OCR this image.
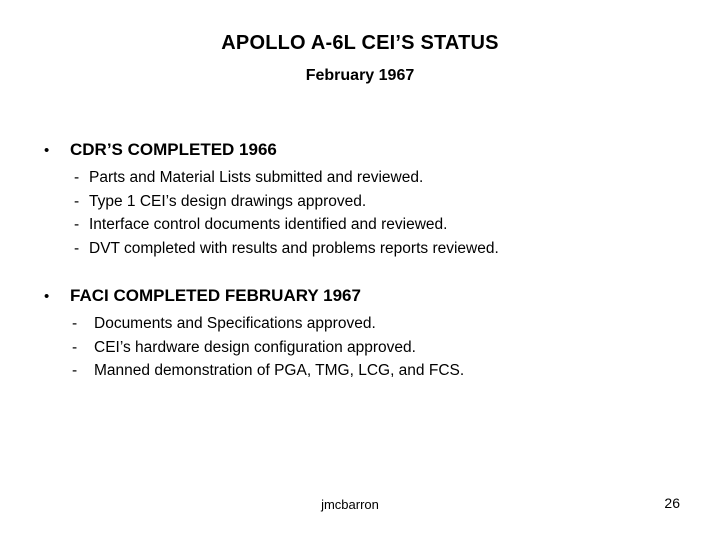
APOLLO A-6L CEI’S STATUS
February 1967
•	CDR’S COMPLETED 1966
- Parts and Material Lists submitted and reviewed.
- Type 1 CEI’s design drawings approved.
- Interface control documents identified and reviewed.
- DVT completed with results and problems reports reviewed.
•	FACI COMPLETED FEBRUARY 1967
-	Documents and Specifications approved.
-	CEI’s hardware design configuration approved.
-	Manned demonstration of PGA, TMG, LCG, and FCS.
jmcbarron	26
